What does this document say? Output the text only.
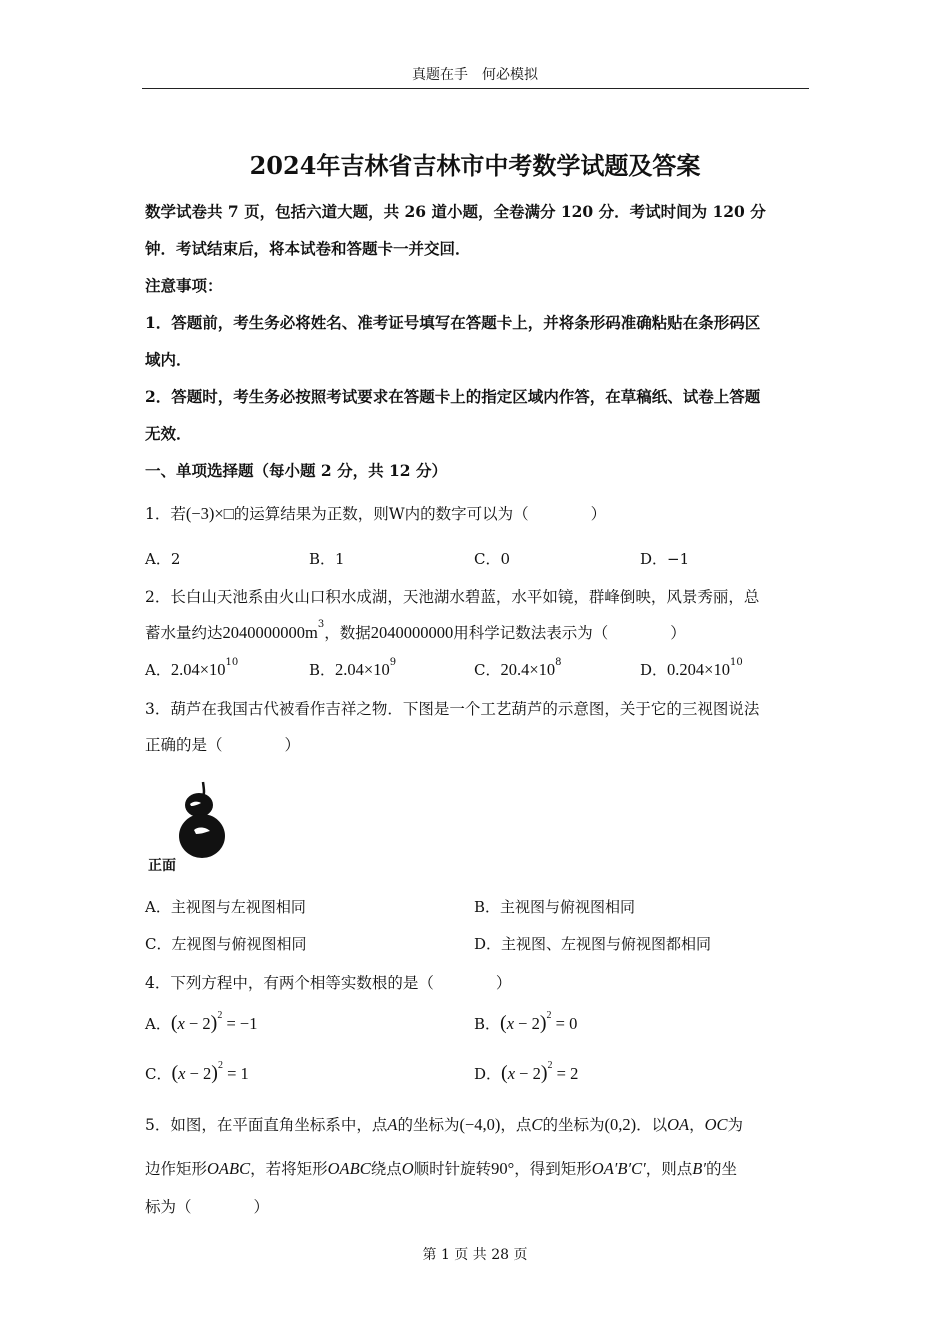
真题在手　何必模拟
2024年吉林省吉林市中考数学试题及答案
数学试卷共 7 页，包括六道大题，共 26 道小题，全卷满分 120 分．考试时间为 120 分
钟．考试结束后，将本试卷和答题卡一并交回．
注意事项：
1．答题前，考生务必将姓名、准考证号填写在答题卡上，并将条形码准确粘贴在条形码区
域内．
2．答题时，考生务必按照考试要求在答题卡上的指定区域内作答，在草稿纸、试卷上答题
无效．
一、单项选择题（每小题 2 分，共 12 分）
1．若(−3)×□的运算结果为正数，则W内的数字可以为（　　　　）
A．2	B．1	C．0	D．−1
2．长白山天池系由火山口积水成湖，天池湖水碧蓝，水平如镜，群峰倒映，风景秀丽，总
蓄水量约达$2040000000m^3$，数据2040000000用科学记数法表示为（　　　　）
A．$2.04\times 10^{10}$	B．$2.04\times 10^9$	C．$20.4\times 10^8$	D．$0.204\times 10^{10}$
3．葫芦在我国古代被看作吉祥之物．下图是一个工艺葫芦的示意图，关于它的三视图说法
正确的是（　　　　）
正面
A．主视图与左视图相同	B．主视图与俯视图相同
C．左视图与俯视图相同	D．主视图、左视图与俯视图都相同
4．下列方程中，有两个相等实数根的是（　　　　）
A．$(x - 2)^2 = -1$	B．$(x - 2)^2 = 0$
C．$(x - 2)^2 = 1$	D．$(x - 2)^2 = 2$
5．如图，在平面直角坐标系中，点A的坐标为(−4,0)，点C的坐标为(0,2)．以OA，OC为
边作矩形OABC，若将矩形OABC绕点O顺时针旋转90°，得到矩形OA′B′C′，则点B′的坐
标为（　　　　）
第 1 页 共 28 页
